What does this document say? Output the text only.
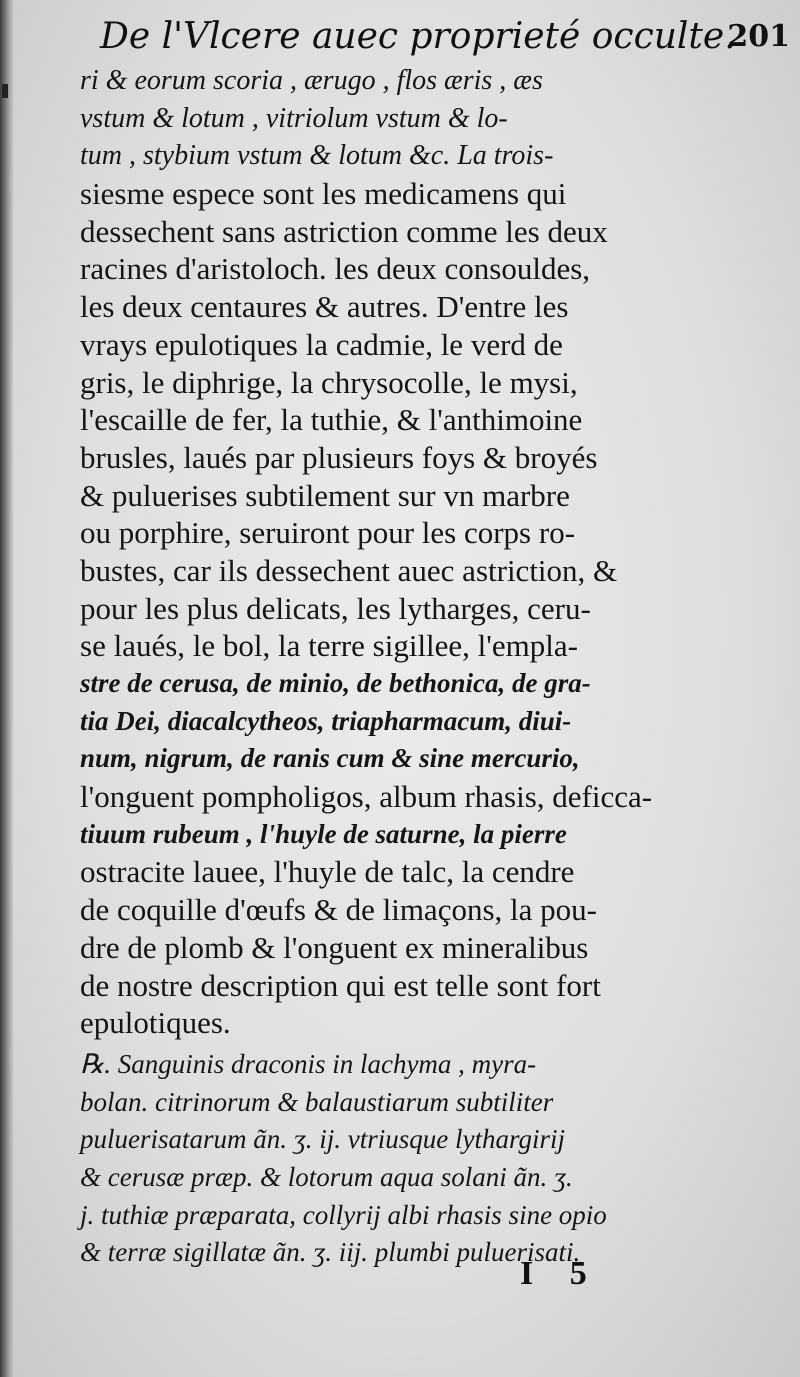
De l'Vlcere auec proprieté occulte.
201
ri & eorum scoria , ærugo , flos æris , æs
vstum & lotum , vitriolum vstum & lo-
tum , stybium vstum & lotum &c. La trois-
siesme espece sont les medicamens qui
dessechent sans astriction comme les deux
racines d'aristoloch. les deux consouldes,
les deux centaures & autres. D'entre les
vrays epulotiques la cadmie, le verd de
gris, le diphrige, la chrysocolle, le mysi,
l'escaille de fer, la tuthie, & l'anthimoine
brusles, laués par plusieurs foys & broyés
& puluerises subtilement sur vn marbre
ou porphire, seruiront pour les corps ro-
bustes, car ils dessechent auec astriction, &
pour les plus delicats, les lytharges, ceru-
se laués, le bol, la terre sigillee, l'empla-
stre de cerusa, de minio, de bethonica, de gra-
tia Dei, diacalcytheos, triapharmacum, diui-
num, nigrum, de ranis cum & sine mercurio,
l'onguent pompholigos, album rhasis, deficca-
tiuum rubeum , l'huyle de saturne, la pierre
ostracite lauee, l'huyle de talc, la cendre
de coquille d'œufs & de limaçons, la pou-
dre de plomb & l'onguent ex mineralibus
de nostre description qui est telle sont fort
epulotiques.
℞. Sanguinis draconis in lachyma , myra-
bolan. citrinorum & balaustiarum subtiliter
puluerisatarum ãn. ʒ. ij. vtriusque lythargirij
& cerusæ præp. & lotorum aqua solani ãn. ʒ.
j. tuthiæ præparata, collyrij albi rhasis sine opio
& terræ sigillatæ ãn. ʒ. iij. plumbi puluerisati.
I 5
